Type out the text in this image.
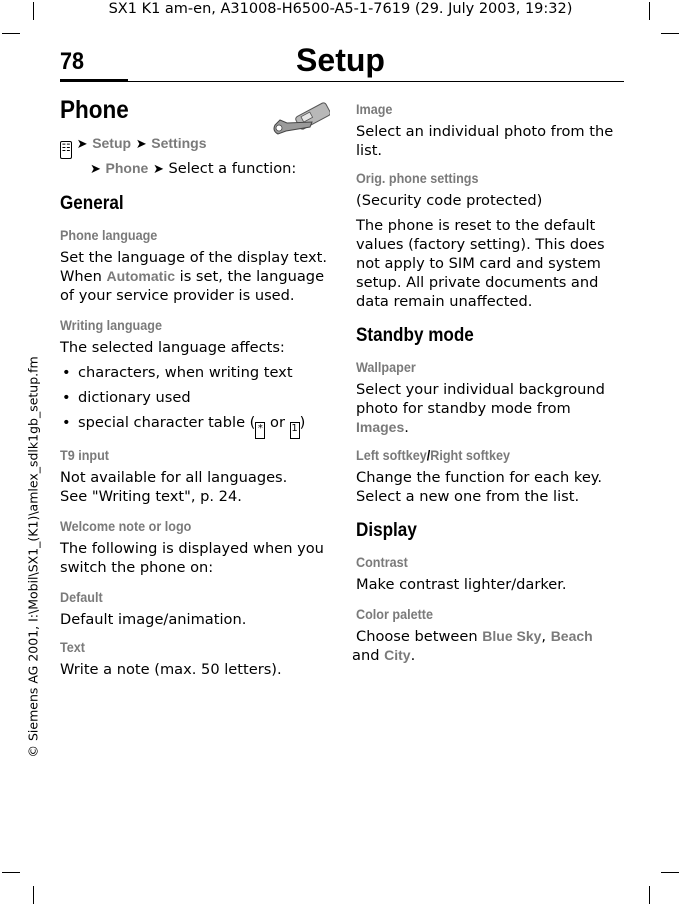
SX1 K1 am-en, A31008-H6500-A5-1-7619 (29. July 2003, 19:32)
78	Setup
© Siemens AG 2001, I:\Mobil\SX1_(K1)\amlex_sdlk1gb_setup.fm
Phone
☷ ➤ Setup ➤ Settings
➤ Phone ➤ Select a function:
General
Phone language

Set the language of the display text. When Automatic is set, the language of your service provider is used.

Writing language

The selected language affects:

• characters, when writing text
• dictionary used
• special character table ( * or 1 )
T9 input

Not available for all languages.

See "Writing text", p. 24.

Welcome note or logo

The following is displayed when you switch the phone on:

Default

Default image/animation.

Text

Write a note (max. 50 letters).

Image

Select an individual photo from the list.

Orig. phone settings

(Security code protected)

The phone is reset to the default values (factory setting). This does not apply to SIM card and system setup. All private documents and data remain unaffected.

Standby mode
Wallpaper

Select your individual background photo for standby mode from Images.

Left softkey/Right softkey

Change the function for each key. Select a new one from the list.

Display
Contrast

Make contrast lighter/darker.

Color palette

Choose between Blue Sky, Beach
and City.
